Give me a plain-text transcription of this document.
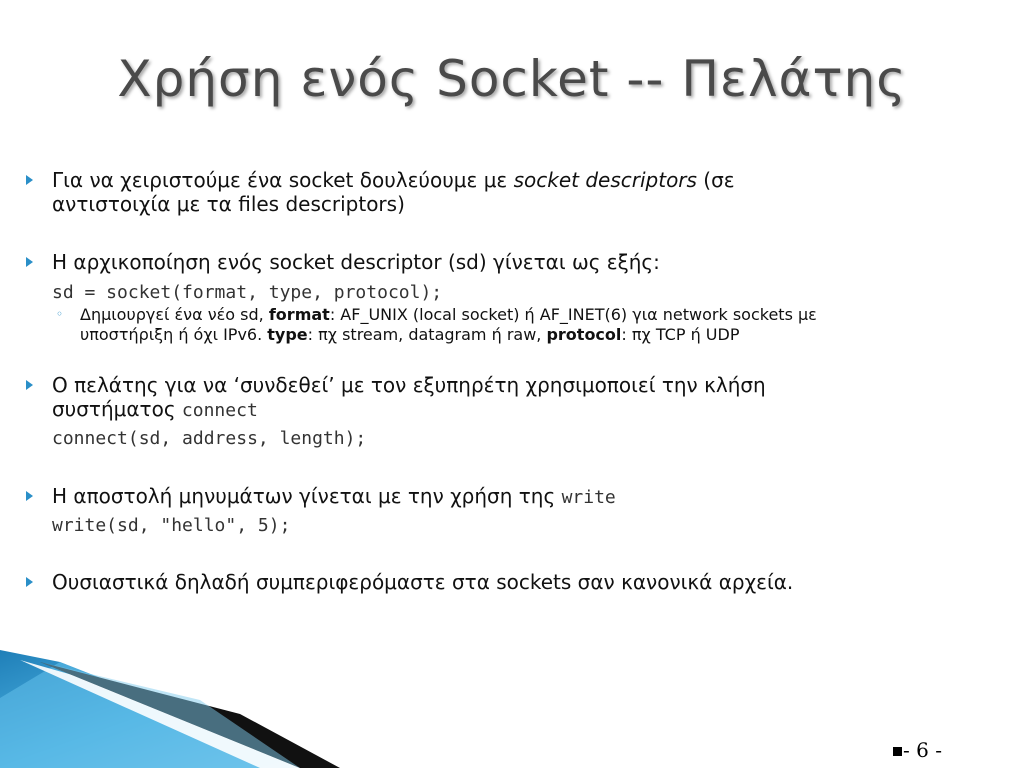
Χρήση ενός Socket -- Πελάτης
Για να χειριστούμε ένα socket δουλεύουμε με socket descriptors (σε
αντιστοιχία με τα files descriptors)
Η αρχικοποίηση ενός socket descriptor (sd) γίνεται ως εξής:
sd = socket(format, type, protocol);
◦ Δημιουργεί ένα νέο sd, format: AF_UNIX (local socket) ή AF_INET(6) για network sockets με
υποστήριξη ή όχι IPv6. type: πχ stream, datagram ή raw, protocol: πχ TCP ή UDP
Ο πελάτης για να ‘συνδεθεί’ με τον εξυπηρέτη χρησιμοποιεί την κλήση
συστήματος connect
connect(sd, address, length);
Η αποστολή μηνυμάτων γίνεται με την χρήση της write
write(sd, "hello", 5);
Ουσιαστικά δηλαδή συμπεριφερόμαστε στα sockets σαν κανονικά αρχεία.
- 6 -
